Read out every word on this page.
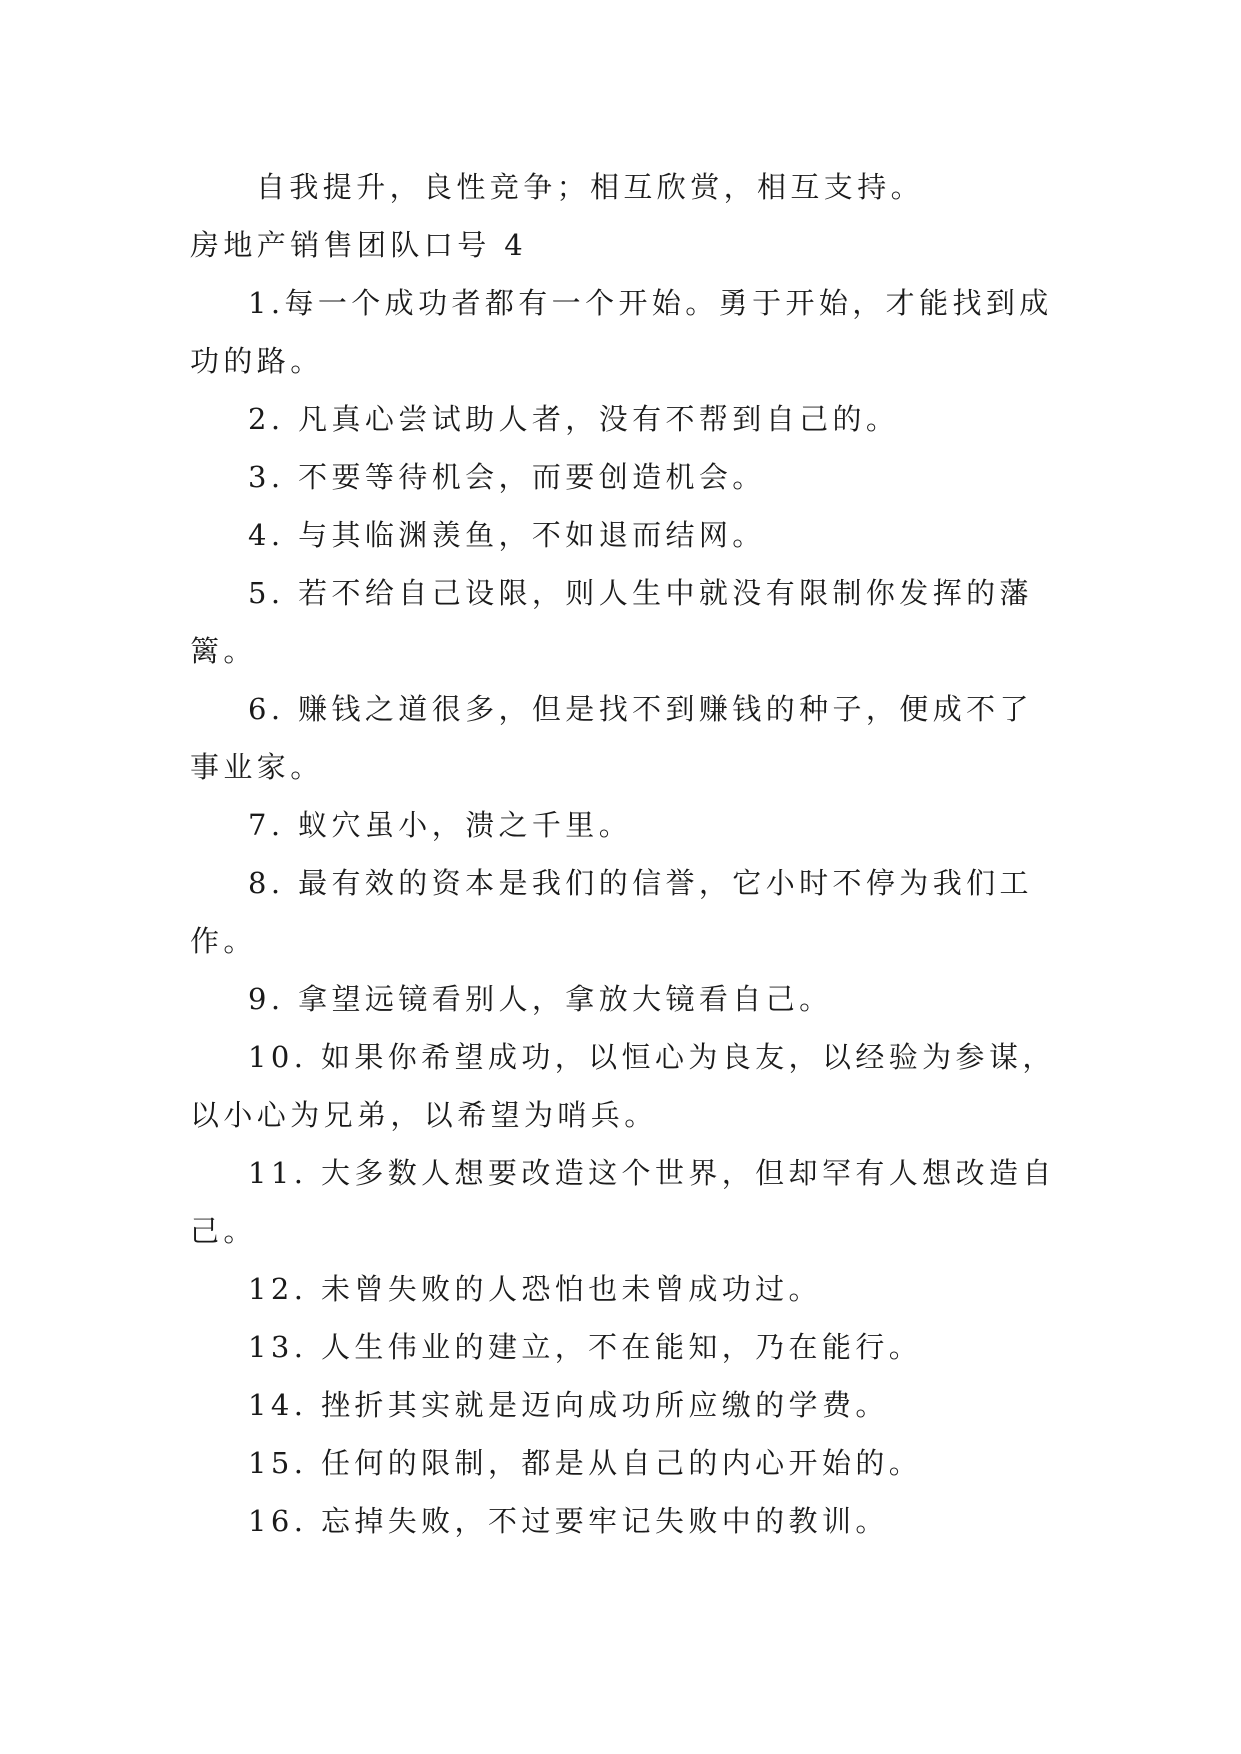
自我提升，良性竞争；相互欣赏，相互支持。

房地产销售团队口号 4

1.每一个成功者都有一个开始。勇于开始，才能找到成

功的路。

2. 凡真心尝试助人者，没有不帮到自己的。

3. 不要等待机会，而要创造机会。

4. 与其临渊羡鱼，不如退而结网。

5. 若不给自己设限，则人生中就没有限制你发挥的藩

篱。

6. 赚钱之道很多，但是找不到赚钱的种子，便成不了

事业家。

7. 蚁穴虽小，溃之千里。

8. 最有效的资本是我们的信誉，它小时不停为我们工

作。

9. 拿望远镜看别人，拿放大镜看自己。

10. 如果你希望成功，以恒心为良友，以经验为参谋，

以小心为兄弟，以希望为哨兵。

11. 大多数人想要改造这个世界，但却罕有人想改造自

己。

12. 未曾失败的人恐怕也未曾成功过。

13. 人生伟业的建立，不在能知，乃在能行。

14. 挫折其实就是迈向成功所应缴的学费。

15. 任何的限制，都是从自己的内心开始的。

16. 忘掉失败，不过要牢记失败中的教训。
